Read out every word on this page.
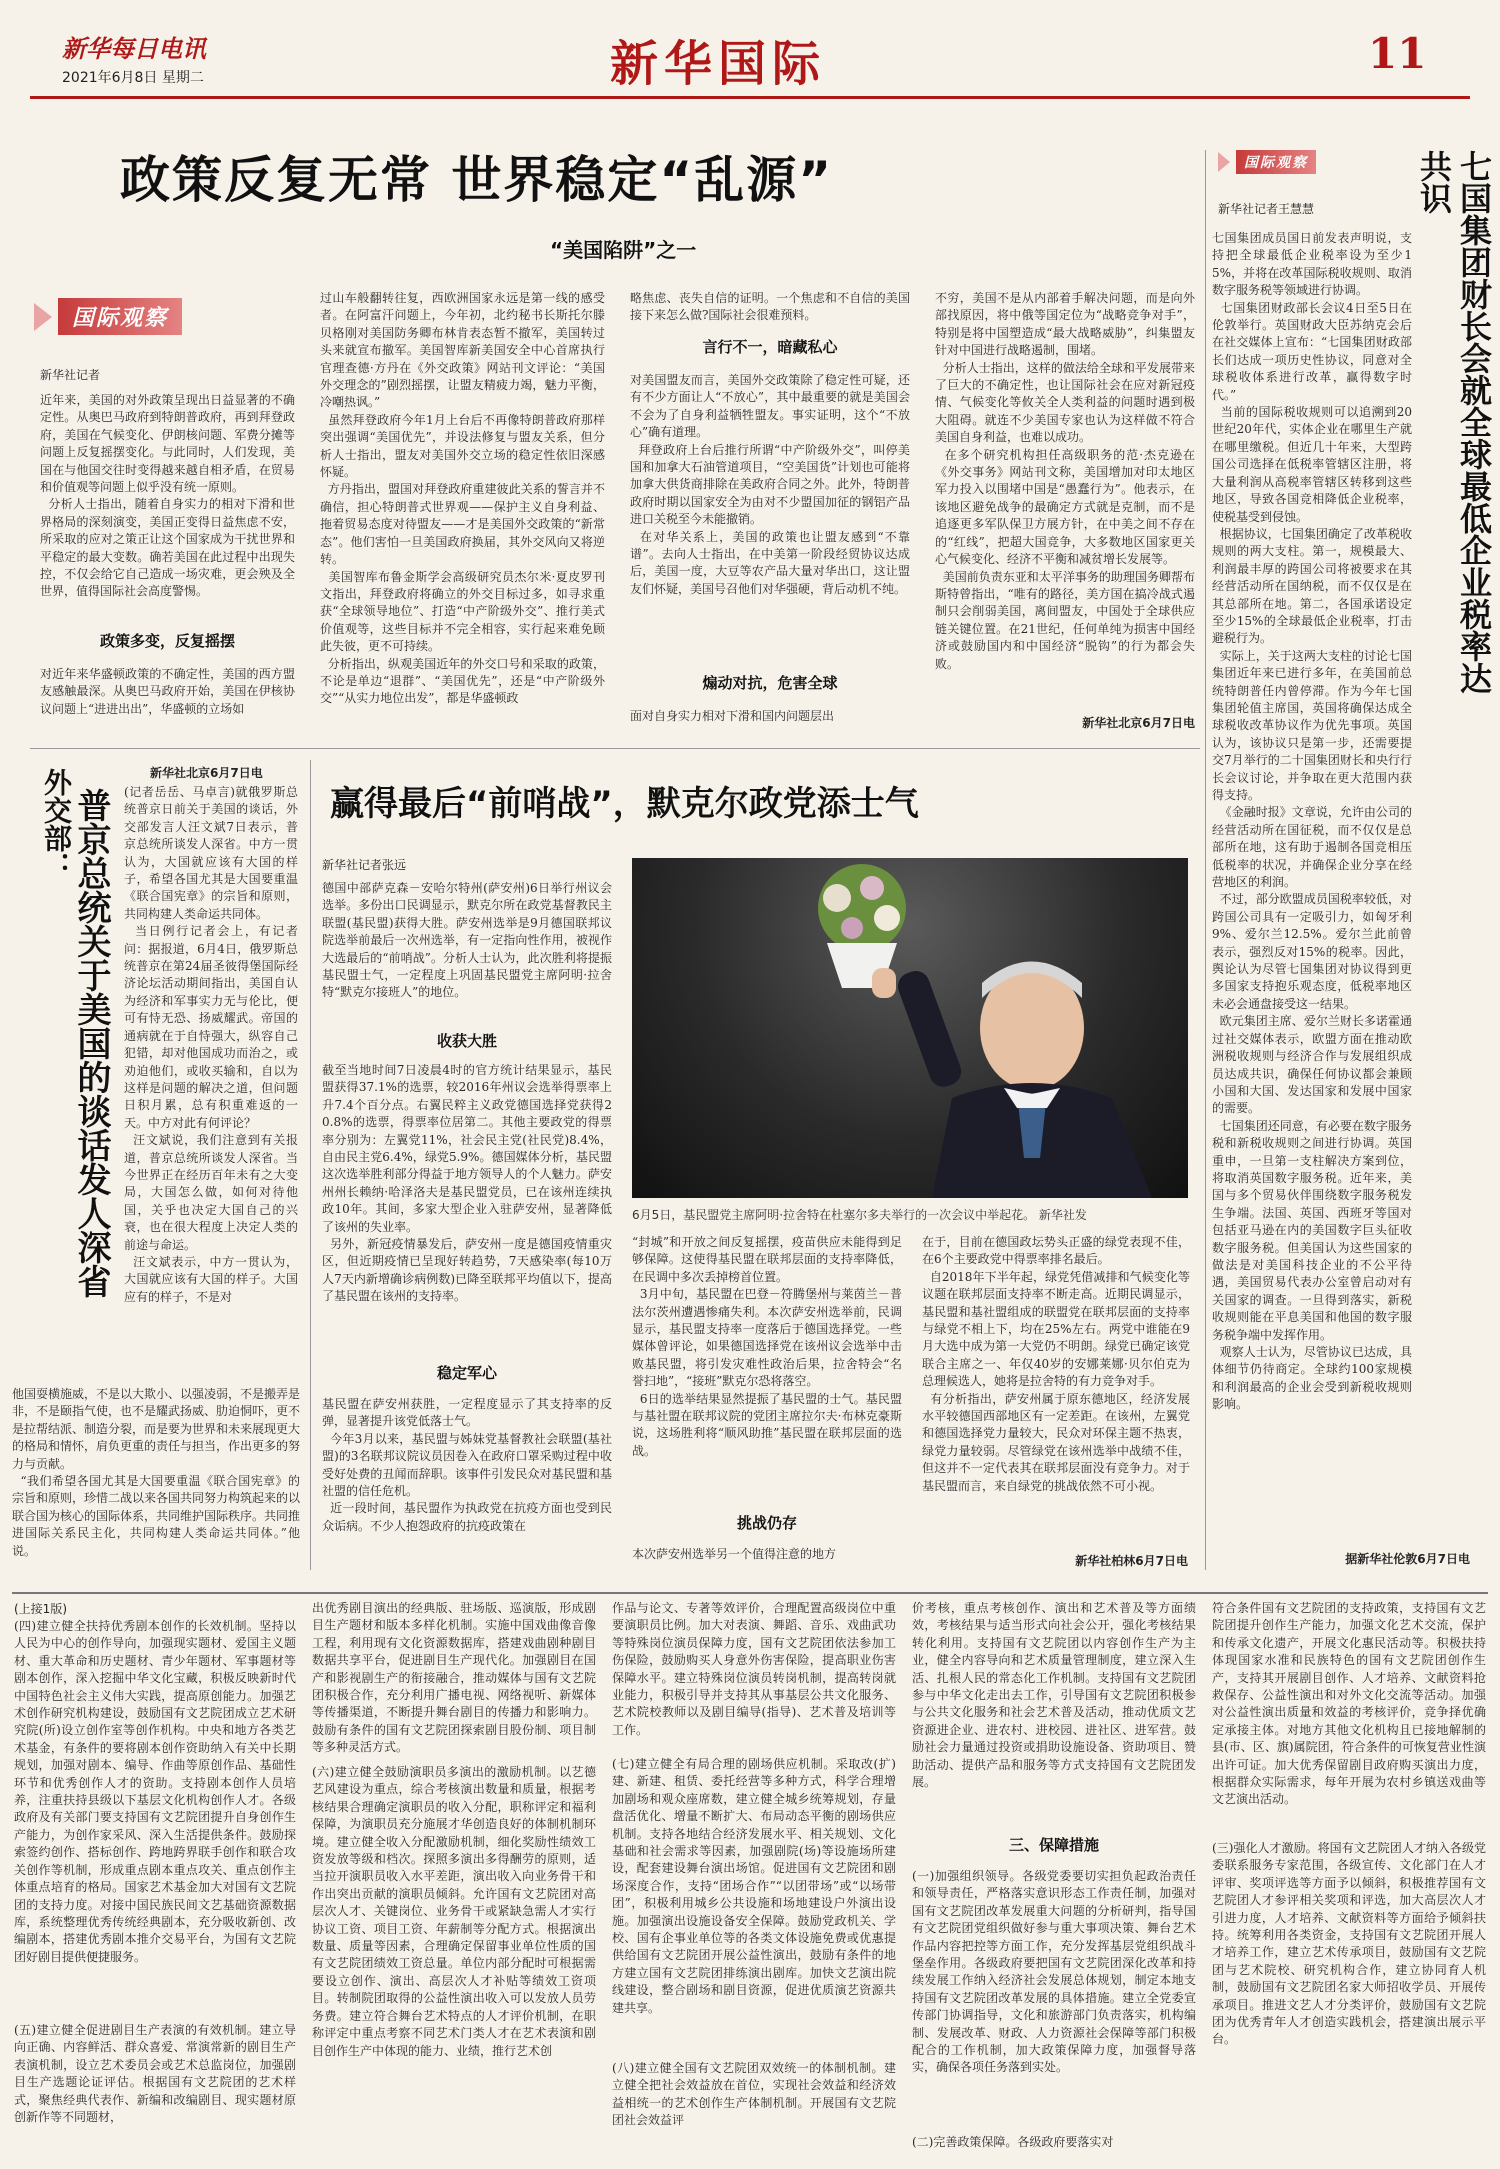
新华每日电讯
2021年6月8日 星期二	新华国际	11
政策反复无常 世界稳定“乱源”
“美国陷阱”之一
国际观察
新华社记者
近年来，美国的对外政策呈现出日益显著的不确定性。从奥巴马政府到特朗普政府，再到拜登政府，美国在气候变化、伊朗核问题、军费分摊等问题上反复摇摆变化。与此同时，人们发现，美国在与他国交往时变得越来越自相矛盾，在贸易和价值观等问题上似乎没有统一原则。
分析人士指出，随着自身实力的相对下滑和世界格局的深刻演变，美国正变得日益焦虑不安，所采取的应对之策正让这个国家成为干扰世界和平稳定的最大变数。确若美国在此过程中出现失控，不仅会给它自己造成一场灾难，更会殃及全世界，值得国际社会高度警惕。
政策多变，反复摇摆
对近年来华盛顿政策的不确定性，美国的西方盟友感触最深。从奥巴马政府开始，美国在伊核协议问题上“进进出出”，华盛顿的立场如
过山车般翻转往复，西欧洲国家永远是第一线的感受者。在阿富汗问题上，今年初，北约秘书长斯托尔滕贝格刚对美国防务卿布林肯表态暂不撤军，美国转过头来就宣布撤军。美国智库新美国安全中心首席执行官理查德·方丹在《外交政策》网站刊文评论：“美国外交理念的”剧烈摇摆，让盟友精疲力竭，魅力平衡，冷嘲热讽。”
虽然拜登政府今年1月上台后不再像特朗普政府那样突出强调“美国优先”，并设法修复与盟友关系，但分析人士指出，盟友对美国外交立场的稳定性依旧深感怀疑。
方丹指出，盟国对拜登政府重建彼此关系的誓言并不确信，担心特朗普式世界观——保护主义自身利益、拖着贸易态度对待盟友——才是美国外交政策的“新常态”。他们害怕一旦美国政府换届，其外交风向又将逆转。
美国智库布鲁金斯学会高级研究员杰尔米·夏皮罗刊文指出，拜登政府将确立的外交目标过多，如寻求重获“全球领导地位”、打造“中产阶级外交”、推行美式价值观等，这些目标并不完全相容，实行起来难免顾此失彼，更不可持续。
分析指出，纵观美国近年的外交口号和采取的政策，不论是单边“退群”、“美国优先”，还是“中产阶级外交”“从实力地位出发”，都是华盛顿政
略焦虑、丧失自信的证明。一个焦虑和不自信的美国接下来怎么做?国际社会很难预料。
言行不一，暗藏私心
对美国盟友而言，美国外交政策除了稳定性可疑，还有不少方面让人“不放心”，其中最重要的就是美国会不会为了自身利益牺牲盟友。事实证明，这个“不放心”确有道理。
拜登政府上台后推行所谓“中产阶级外交”，叫停美国和加拿大石油管道项目，“空美国货”计划也可能将加拿大供货商排除在美政府合同之外。此外，特朗普政府时期以国家安全为由对不少盟国加征的钢铝产品进口关税至今未能撤销。
在对华关系上，美国的政策也让盟友感到“不靠谱”。去向人士指出，在中美第一阶段经贸协议达成后，美国一度，大豆等农产品大量对华出口，这让盟友们怀疑，美国号召他们对华强硬，背后动机不纯。
煽动对抗，危害全球
面对自身实力相对下滑和国内问题层出
不穷，美国不是从内部着手解决问题，而是向外部找原因，将中俄等国定位为“战略竞争对手”，特别是将中国塑造成“最大战略威胁”，纠集盟友针对中国进行战略遏制，围堵。
分析人士指出，这样的做法给全球和平发展带来了巨大的不确定性，也让国际社会在应对新冠疫情、气候变化等攸关全人类利益的问题时遇到极大阻碍。就连不少美国专家也认为这样做不符合美国自身利益，也难以成功。
在多个研究机构担任高级职务的范·杰克逊在《外交事务》网站刊文称，美国增加对印太地区军力投入以围堵中国是“愚蠢行为”。他表示，在该地区避免战争的最确定方式就是克制，而不是追逐更多军队保卫方展方针，在中美之间不存在的“红线”，把超大国竞争，大多数地区国家更关心气候变化、经济不平衡和减贫增长发展等。
美国前负责东亚和太平洋事务的助理国务卿帮布斯特曾指出，“唯有的路径，美方国在搞冷战式遏制只会削弱美国，离间盟友，中国处于全球供应链关键位置。在21世纪，任何单纯为损害中国经济或鼓励国内和中国经济“脱钩”的行为都会失败。
新华社北京6月7日电
外交部：
普京总统关于美国的谈话发人深省
新华社北京6月7日电
(记者岳岳、马卓言)就俄罗斯总统普京日前关于美国的谈话，外交部发言人汪文斌7日表示，普京总统所谈发人深省。中方一贯认为，大国就应该有大国的样子，希望各国尤其是大国要重温《联合国宪章》的宗旨和原则，共同构建人类命运共同体。
当日例行记者会上，有记者问：据报道，6月4日，俄罗斯总统普京在第24届圣彼得堡国际经济论坛活动期间指出，美国自认为经济和军事实力无与伦比，便可有恃无恐、扬威耀武。帝国的通病就在于自恃强大，纵容自己犯错，却对他国成功而治之，或劝迫他们，或收买输和，自以为这样是问题的解决之道，但问题日积月累，总有积重难返的一天。中方对此有何评论？
汪文斌说，我们注意到有关报道，普京总统所谈发人深省。当今世界正在经历百年未有之大变局，大国怎么做，如何对待他国，关乎也决定大国自己的兴衰，也在很大程度上决定人类的前途与命运。
汪文斌表示，中方一贯认为，大国就应该有大国的样子。大国应有的样子，不是对
他国耍横施威，不是以大欺小、以强凌弱，不是搬弄是非，不是颐指气使，也不是耀武扬威、肋迫恫吓，更不是拉帮结派、制造分裂，而是要为世界和未来展现更大的格局和情怀，肩负更重的责任与担当，作出更多的努力与贡献。
“我们希望各国尤其是大国要重温《联合国宪章》的宗旨和原则，珍惜二战以来各国共同努力构筑起来的以联合国为核心的国际体系，共同维护国际秩序。共同推进国际关系民主化，共同构建人类命运共同体。”他说。
赢得最后“前哨战”，默克尔政党添士气
新华社记者张远
德国中部萨克森－安哈尔特州(萨安州)6日举行州议会选举。多份出口民调显示，默克尔所在政党基督教民主联盟(基民盟)获得大胜。萨安州选举是9月德国联邦议院选举前最后一次州选举，有一定指向性作用，被视作大选最后的“前哨战”。分析人士认为，此次胜利将提振基民盟士气，一定程度上巩固基民盟党主席阿明·拉舍特“默克尔接班人”的地位。
收获大胜
截至当地时间7日凌晨4时的官方统计结果显示，基民盟获得37.1%的选票，较2016年州议会选举得票率上升7.4个百分点。右翼民粹主义政党德国选择党获得20.8%的选票，得票率位居第二。其他主要政党的得票率分别为：左翼党11%，社会民主党(社民党)8.4%，自由民主党6.4%，绿党5.9%。德国媒体分析，基民盟这次选举胜利部分得益于地方领导人的个人魅力。萨安州州长赖纳·哈泽洛夫是基民盟党员，已在该州连续执政10年。其间，多家大型企业入驻萨安州，显著降低了该州的失业率。
另外，新冠疫情暴发后，萨安州一度是德国疫情重灾区，但近期疫情已呈现好转趋势，7天感染率(每10万人7天内新增确诊病例数)已降至联邦平均值以下，提高了基民盟在该州的支持率。
稳定军心
基民盟在萨安州获胜，一定程度显示了其支持率的反弹，显著提升该党低落士气。
今年3月以来，基民盟与姊妹党基督教社会联盟(基社盟)的3名联邦议院议员因卷入在政府口罩采购过程中收受好处费的丑闻而辞职。该事件引发民众对基民盟和基社盟的信任危机。
近一段时间，基民盟作为执政党在抗疫方面也受到民众诟病。不少人抱怨政府的抗疫政策在
6月5日，基民盟党主席阿明·拉舍特在杜塞尔多夫举行的一次会议中举起花。 新华社发
“封城”和开放之间反复摇摆，疫苗供应未能得到足够保障。这使得基民盟在联邦层面的支持率降低，在民调中多次丢掉榜首位置。
3月中旬，基民盟在巴登－符腾堡州与莱茵兰－普法尔茨州遭遇惨痛失利。本次萨安州选举前，民调显示，基民盟支持率一度落后于德国选择党。一些媒体曾评论，如果德国选择党在该州议会选举中击败基民盟，将引发灾难性政治后果，拉舍特会“名誉扫地”，“接班”默克尔恐将落空。
6日的选举结果显然提振了基民盟的士气。基民盟与基社盟在联邦议院的党团主席拉尔夫·布林克豪斯说，这场胜利将“顺风助推”基民盟在联邦层面的选战。
挑战仍存
本次萨安州选举另一个值得注意的地方
在于，目前在德国政坛势头正盛的绿党表现不佳，在6个主要政党中得票率排名最后。
自2018年下半年起，绿党凭借减排和气候变化等议题在联邦层面支持率不断走高。近期民调显示，基民盟和基社盟组成的联盟党在联邦层面的支持率与绿党不相上下，均在25%左右。两党中谁能在9月大选中成为第一大党仍不明朗。绿党已确定该党联合主席之一、年仅40岁的安娜莱娜·贝尔伯克为总理候选人，她将是拉舍特的有力竞争对手。
有分析指出，萨安州属于原东德地区，经济发展水平较德国西部地区有一定差距。在该州，左翼党和德国选择党力量较大，民众对环保主题不热衷，绿党力量较弱。尽管绿党在该州选举中战绩不佳，但这并不一定代表其在联邦层面没有竞争力。对于基民盟而言，来自绿党的挑战依然不可小视。
新华社柏林6月7日电
国际观察
新华社记者王慧慧	七国集团财长会就全球最低企业税率达共识
七国集团成员国日前发表声明说，支持把全球最低企业税率设为至少15%，并将在改革国际税收规则、取消数字服务税等领域进行协调。
七国集团财政部长会议4日至5日在伦敦举行。英国财政大臣苏纳克会后在社交媒体上宣布：“七国集团财政部长们达成一项历史性协议，同意对全球税收体系进行改革，赢得数字时代。”
当前的国际税收规则可以追溯到20世纪20年代，实体企业在哪里生产就在哪里缴税。但近几十年来，大型跨国公司选择在低税率管辖区注册，将大量利润从高税率管辖区转移到这些地区，导致各国竞相降低企业税率，使税基受到侵蚀。
根据协议，七国集团确定了改革税收规则的两大支柱。第一，规模最大、利润最丰厚的跨国公司将被要求在其经营活动所在国纳税，而不仅仅是在其总部所在地。第二，各国承诺设定至少15%的全球最低企业税率，打击避税行为。
实际上，关于这两大支柱的讨论七国集团近年来已进行多年，在美国前总统特朗普任内曾停滞。作为今年七国集团轮值主席国，英国将确保达成全球税收改革协议作为优先事项。英国认为，该协议只是第一步，还需要提交7月举行的二十国集团财长和央行行长会议讨论，并争取在更大范围内获得支持。
《金融时报》文章说，允许由公司的经营活动所在国征税，而不仅仅是总部所在地，这有助于遏制各国竞相压低税率的状况，并确保企业分享在经营地区的利润。
不过，部分欧盟成员国税率较低，对跨国公司具有一定吸引力，如匈牙利9%、爱尔兰12.5%。爱尔兰此前曾表示，强烈反对15%的税率。因此，舆论认为尽管七国集团对协议得到更多国家支持抱乐观态度，低税率地区未必会通盘接受这一结果。
欧元集团主席、爱尔兰财长多诺霍通过社交媒体表示，欧盟方面在推动欧洲税收规则与经济合作与发展组织成员达成共识，确保任何协议都会兼顾小国和大国、发达国家和发展中国家的需要。
七国集团还同意，有必要在数字服务税和新税收规则之间进行协调。英国重申，一旦第一支柱解决方案到位，将取消英国数字服务税。近年来，美国与多个贸易伙伴围绕数字服务税发生争端。法国、英国、西班牙等国对包括亚马逊在内的美国数字巨头征收数字服务税。但美国认为这些国家的做法是对美国科技企业的不公平待遇，美国贸易代表办公室曾启动对有关国家的调查。一旦得到落实，新税收规则能在平息美国和他国的数字服务税争端中发挥作用。
观察人士认为，尽管协议已达成，具体细节仍待商定。全球约100家规模和利润最高的企业会受到新税收规则影响。
据新华社伦敦6月7日电
(上接1版)
(四)建立健全扶持优秀剧本创作的长效机制。坚持以人民为中心的创作导向，加强现实题材、爱国主义题材、重大革命和历史题材、青少年题材、军事题材等剧本创作，深入挖掘中华文化宝藏，积极反映新时代中国特色社会主义伟大实践，提高原创能力。加强艺术创作研究机构建设，鼓励国有文艺院团成立艺术研究院(所)设立创作室等创作机构。中央和地方各类艺术基金，有条件的要将剧本创作资助纳入有关中长期规划，加强对剧本、编导、作曲等原创作品、基础性环节和优秀创作人才的资助。支持剧本创作人员培养，注重扶持县级以下基层文化机构创作人才。各级政府及有关部门要支持国有文艺院团提升自身创作生产能力，为创作家采风、深入生活提供条件。鼓励探索签约创作、搭标创作、跨地跨界联手创作和联合攻关创作等机制，形成重点剧本重点攻关、重点创作主体重点培育的格局。国家艺术基金加大对国有文艺院团的支持力度。对接中国民族民间文艺基础资源数据库，系统整理优秀传统经典剧本，充分吸收新创、改编剧本，搭建优秀剧本推介交易平台，为国有文艺院团好剧目提供便捷服务。
(五)建立健全促进剧目生产表演的有效机制。建立导向正确、内容鲜活、群众喜爱、常演常新的剧目生产表演机制，设立艺术委员会或艺术总监岗位，加强剧目生产选题论证评估。根据国有文艺院团的艺术样式，聚焦经典代表作、新编和改编剧目、现实题材原创新作等不同题材，
出优秀剧目演出的经典版、驻场版、巡演版，形成剧目生产题材和版本多样化机制。实施中国戏曲像音像工程，利用现有文化资源数据库，搭建戏曲剧种剧目数据共享平台，促进剧目生产现代化。加强剧目在国产和影视剧生产的衔接融合，推动媒体与国有文艺院团积极合作，充分利用广播电视、网络视听、新媒体等传播渠道，不断提升舞台剧目的传播力和影响力。鼓励有条件的国有文艺院团探索剧目股份制、项目制等多种灵活方式。
(六)建立健全鼓励演职员多演出的激励机制。以艺德艺风建设为重点，综合考核演出数量和质量，根据考核结果合理确定演职员的收入分配，职称评定和福利保障，为演职员充分施展才华创造良好的体制机制环境。建立健全收入分配激励机制，细化奖励性绩效工资发放等级和档次。探照多演出多得酬劳的原则，适当拉开演职员收入水平差距，演出收入向业务骨干和作出突出贡献的演职员倾斜。允许国有文艺院团对高层次人才、关键岗位、业务骨干或紧缺急需人才实行协议工资、项目工资、年薪制等分配方式。根据演出数量、质量等因素，合理确定保留事业单位性质的国有文艺院团绩效工资总量。单位内部分配时可根据需要设立创作、演出、高层次人才补贴等绩效工资项目。转制院团取得的公益性演出收入可以发放人员劳务费。建立符合舞台艺术特点的人才评价机制，在职称评定中重点考察不同艺术门类人才在艺术表演和剧目创作生产中体现的能力、业绩，推行艺术创
作品与论文、专著等效评价，合理配置高级岗位中重要演职员比例。加大对表演、舞蹈、音乐、戏曲武功等特殊岗位演员保障力度，国有文艺院团依法参加工伤保险，鼓励购买人身意外伤害保险，提高职业伤害保障水平。建立特殊岗位演员转岗机制，提高转岗就业能力，积极引导并支持其从事基层公共文化服务、艺术院校教师以及剧目编导(指导)、艺术普及培训等工作。
(七)建立健全有局合理的剧场供应机制。采取改(扩)建、新建、租赁、委托经营等多种方式，科学合理增加剧场和观众座席数，建立健全城乡统筹规划，存量盘活优化、增量不断扩大、布局动态平衡的剧场供应机制。支持各地结合经济发展水平、相关规划、文化基础和社会需求等因素，加强剧院(场)等设施场所建设，配套建设舞台演出场馆。促进国有文艺院团和剧场深度合作，支持“团场合作”“以团带场”或“以场带团”，积极利用城乡公共设施和场地建设户外演出设施。加强演出设施设备安全保障。鼓励党政机关、学校、国有企事业单位等的各类文体设施免费或优惠提供给国有文艺院团开展公益性演出，鼓励有条件的地方建立国有文艺院团排练演出剧库。加快文艺演出院线建设，整合剧场和剧目资源，促进优质演艺资源共建共享。
(八)建立健全国有文艺院团双效统一的体制机制。建立健全把社会效益放在首位，实现社会效益和经济效益相统一的艺术创作生产体制机制。开展国有文艺院团社会效益评
价考核，重点考核创作、演出和艺术普及等方面绩效，考核结果与适当形式向社会公开，强化考核结果转化利用。支持国有文艺院团以内容创作生产为主业，健全内容导向和艺术质量管理制度，建立深入生活、扎根人民的常态化工作机制。支持国有文艺院团参与中华文化走出去工作，引导国有文艺院团积极参与公共文化服务和社会艺术普及活动，推动优质文艺资源进企业、进农村、进校园、进社区、进军营。鼓励社会力量通过投资或捐助设施设备、资助项目、赞助活动、提供产品和服务等方式支持国有文艺院团发展。
三、保障措施
(一)加强组织领导。各级党委要切实担负起政治责任和领导责任，严格落实意识形态工作责任制，加强对国有文艺院团改革发展重大问题的分析研判，指导国有文艺院团党组织做好参与重大事项决策、舞台艺术作品内容把控等方面工作，充分发挥基层党组织战斗堡垒作用。各级政府要把国有文艺院团深化改革和持续发展工作纳入经济社会发展总体规划，制定本地支持国有文艺院团改革发展的具体措施。建立全党委宣传部门协调指导，文化和旅游部门负责落实，机构编制、发展改革、财政、人力资源社会保障等部门积极配合的工作机制，加大政策保障力度，加强督导落实，确保各项任务落到实处。
(二)完善政策保障。各级政府要落实对
符合条件国有文艺院团的支持政策，支持国有文艺院团提升创作生产能力，加强文化艺术交流，保护和传承文化遗产，开展文化惠民活动等。积极扶持体现国家水准和民族特色的国有文艺院团创作生产，支持其开展剧目创作、人才培养、文献资料抢救保存、公益性演出和对外文化交流等活动。加强对公益性演出质量和效益的考核评价，竞争择优确定承接主体。对地方其他文化机构且已接地解制的县(市、区、旗)属院团，符合条件的可恢复营业性演出许可证。加大优秀保留剧目政府购买演出力度，根据群众实际需求，每年开展为农村乡镇送戏曲等文艺演出活动。
(三)强化人才激励。将国有文艺院团人才纳入各级党委联系服务专家范围，各级宣传、文化部门在人才评审、奖项评选等方面予以倾斜，积极推荐国有文艺院团人才参评相关奖项和评选，加大高层次人才引进力度，人才培养、文献资料等方面给予倾斜扶持。统筹利用各类资金，支持国有文艺院团开展人才培养工作，建立艺术传承项目，鼓励国有文艺院团与艺术院校、研究机构合作，建立协同育人机制，鼓励国有文艺院团名家大师招收学员、开展传承项目。推进文艺人才分类评价，鼓励国有文艺院团为优秀青年人才创造实践机会，搭建演出展示平台。
